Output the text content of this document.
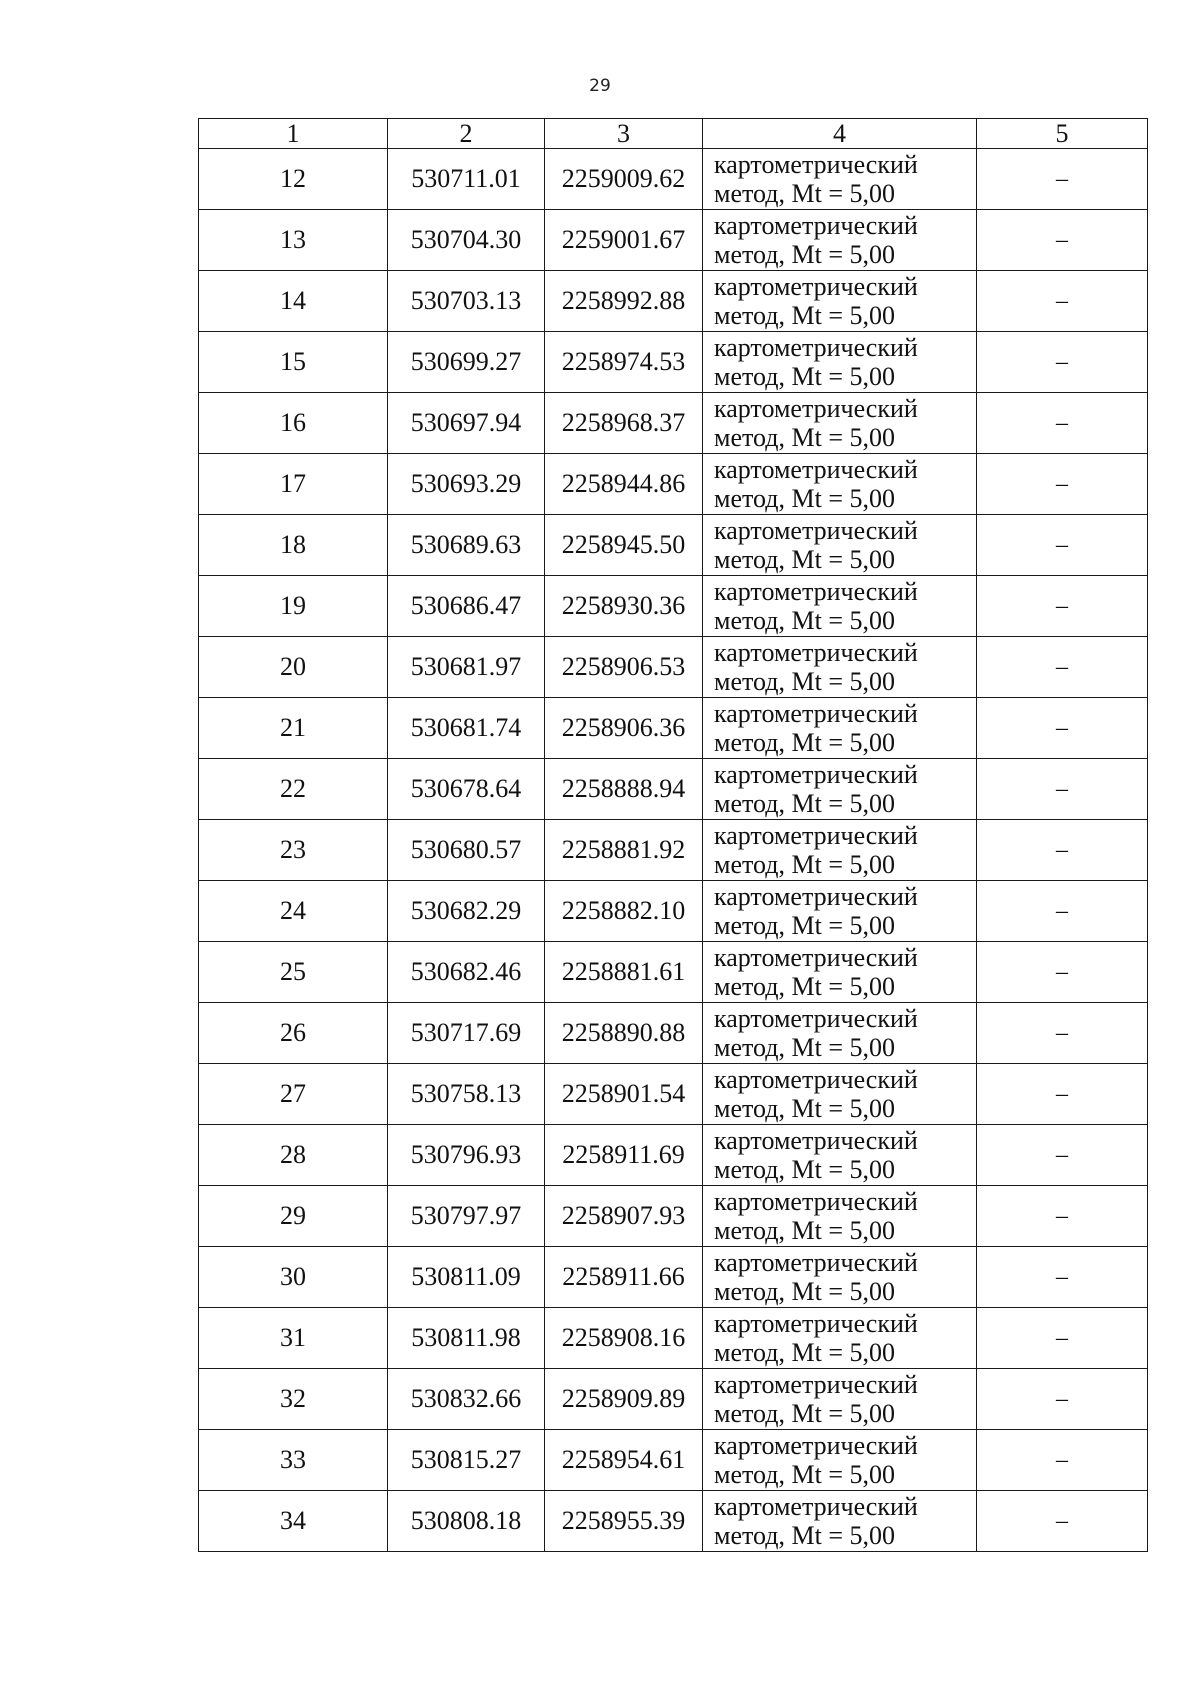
29
1	2	3	4	5
12	530711.01	2259009.62	картометрический
метод, Mt = 5,00	–
13	530704.30	2259001.67	картометрический
метод, Mt = 5,00	–
14	530703.13	2258992.88	картометрический
метод, Mt = 5,00	–
15	530699.27	2258974.53	картометрический
метод, Mt = 5,00	–
16	530697.94	2258968.37	картометрический
метод, Mt = 5,00	–
17	530693.29	2258944.86	картометрический
метод, Mt = 5,00	–
18	530689.63	2258945.50	картометрический
метод, Mt = 5,00	–
19	530686.47	2258930.36	картометрический
метод, Mt = 5,00	–
20	530681.97	2258906.53	картометрический
метод, Mt = 5,00	–
21	530681.74	2258906.36	картометрический
метод, Mt = 5,00	–
22	530678.64	2258888.94	картометрический
метод, Mt = 5,00	–
23	530680.57	2258881.92	картометрический
метод, Mt = 5,00	–
24	530682.29	2258882.10	картометрический
метод, Mt = 5,00	–
25	530682.46	2258881.61	картометрический
метод, Mt = 5,00	–
26	530717.69	2258890.88	картометрический
метод, Mt = 5,00	–
27	530758.13	2258901.54	картометрический
метод, Mt = 5,00	–
28	530796.93	2258911.69	картометрический
метод, Mt = 5,00	–
29	530797.97	2258907.93	картометрический
метод, Mt = 5,00	–
30	530811.09	2258911.66	картометрический
метод, Mt = 5,00	–
31	530811.98	2258908.16	картометрический
метод, Mt = 5,00	–
32	530832.66	2258909.89	картометрический
метод, Mt = 5,00	–
33	530815.27	2258954.61	картометрический
метод, Mt = 5,00	–
34	530808.18	2258955.39	картометрический
метод, Mt = 5,00	–
